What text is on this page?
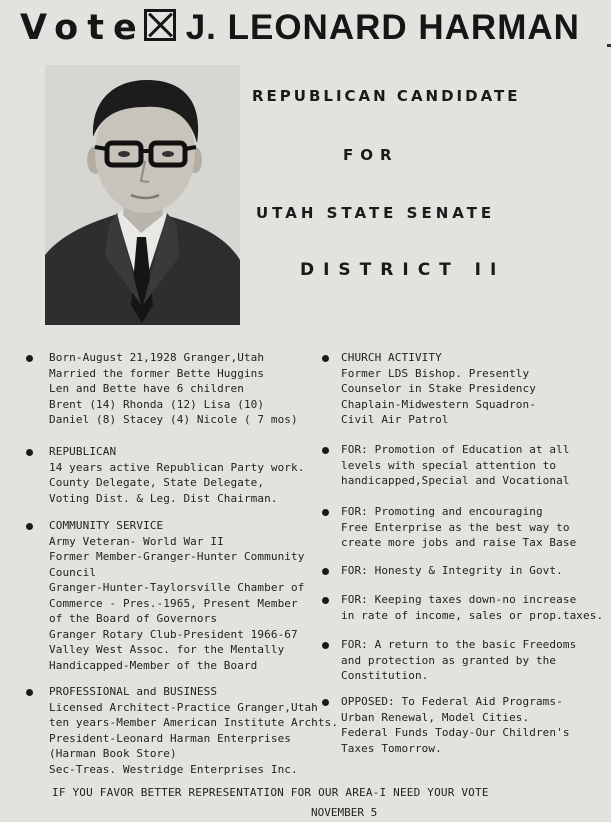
Vote J. LEONARD HARMAN
REPUBLICAN CANDIDATE
FOR
UTAH STATE SENATE
DISTRICT II
Born-August 21,1928 Granger,Utah
Married the former Bette Huggins
Len and Bette have 6 children
Brent (14) Rhonda (12) Lisa (10)
Daniel (8) Stacey (4) Nicole ( 7 mos)
REPUBLICAN
14 years active Republican Party work.
County Delegate, State Delegate,
Voting Dist. & Leg. Dist Chairman.
COMMUNITY SERVICE
Army Veteran- World War II
Former Member-Granger-Hunter Community
Council
Granger-Hunter-Taylorsville Chamber of
Commerce - Pres.-1965, Present Member
of the Board of Governors
Granger Rotary Club-President 1966-67
Valley West Assoc. for the Mentally
Handicapped-Member of the Board
PROFESSIONAL and BUSINESS
Licensed Architect-Practice Granger,Utah
ten years-Member American Institute Archts.
President-Leonard Harman Enterprises
(Harman Book Store)
Sec-Treas. Westridge Enterprises Inc.
CHURCH ACTIVITY
Former LDS Bishop. Presently
Counselor in Stake Presidency
Chaplain-Midwestern Squadron-
Civil Air Patrol
FOR: Promotion of Education at all
levels with special attention to
handicapped,Special and Vocational
FOR: Promoting and encouraging
Free Enterprise as the best way to
create more jobs and raise Tax Base
FOR: Honesty & Integrity in Govt.
FOR: Keeping taxes down-no increase
in rate of income, sales or prop.taxes.
FOR: A return to the basic Freedoms
and protection as granted by the
Constitution.
OPPOSED: To Federal Aid Programs-
Urban Renewal, Model Cities.
Federal Funds Today-Our Children's
Taxes Tomorrow.
IF YOU FAVOR BETTER REPRESENTATION FOR OUR AREA-I NEED YOUR VOTE
NOVEMBER 5
